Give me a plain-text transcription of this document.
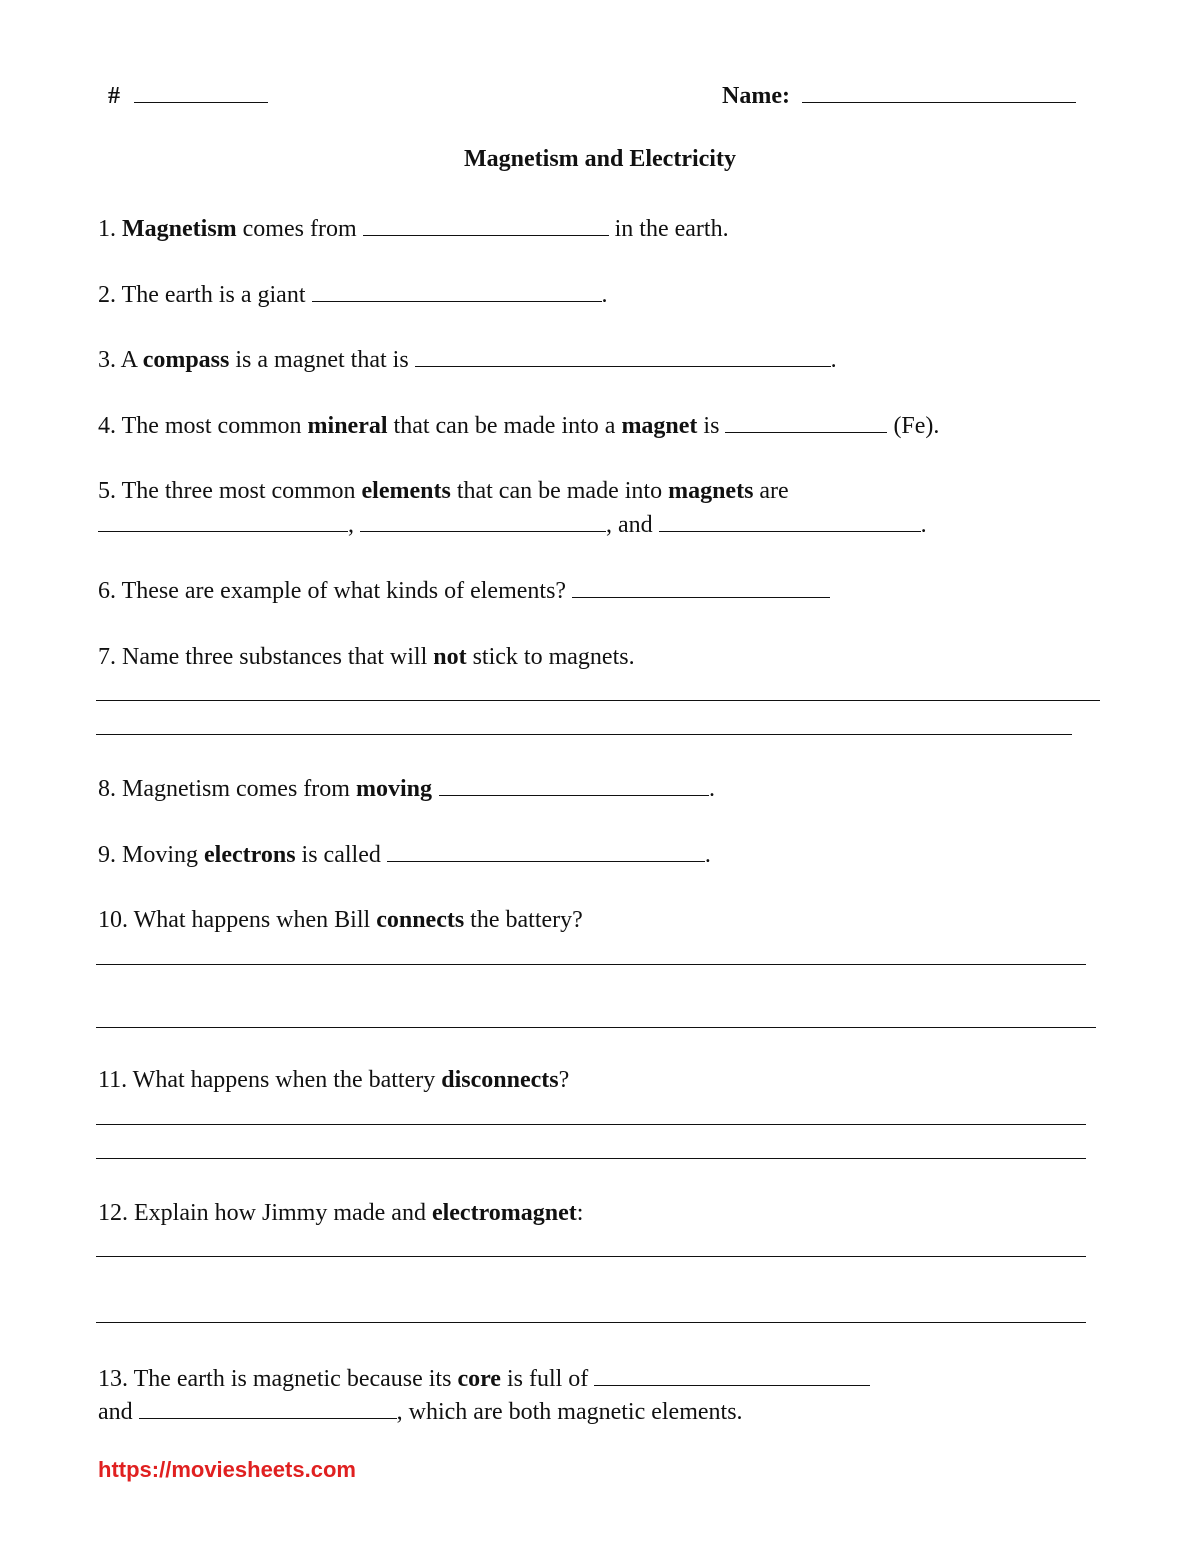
#	Name:
Magnetism and Electricity
1. Magnetism comes from	in the earth.
2. The earth is a giant	.
3. A compass is a magnet that is	.
4. The most common mineral that can be made into a magnet is	(Fe).
5. The three most common elements that can be made into magnets are
,	, and	.
6. These are example of what kinds of elements?
7. Name three substances that will not stick to magnets.
8. Magnetism comes from moving	.
9. Moving electrons is called	.
10. What happens when Bill connects the battery?
11. What happens when the battery disconnects?
12. Explain how Jimmy made and electromagnet:
13. The earth is magnetic because its core is full of
and	, which are both magnetic elements.
https://moviesheets.com
